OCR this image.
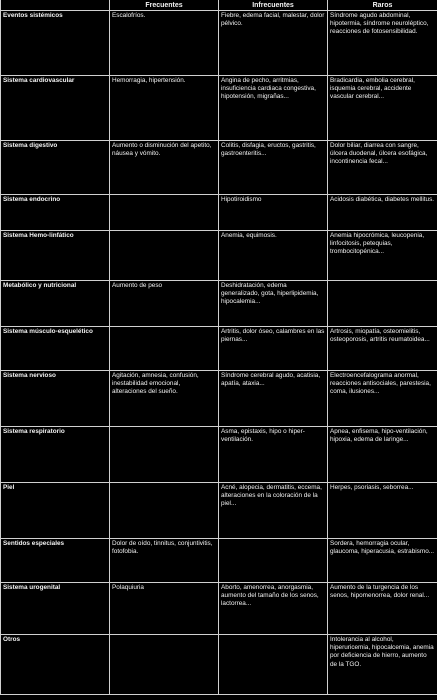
	Frecuentes	Infrecuentes	Raros
Eventos sistémicos	Escalofríos.	Fiebre, edema facial, malestar, dolor pélvico.	Síndrome agudo abdominal, hipotermia, síndrome neuroléptico, reacciones de fotosensibilidad.
Sistema cardiovascular	Hemorragia, hipertensión.	Angina de pecho, arritmias, insuficiencia cardiaca congestiva, hipotensión, migrañas...	Bradicardia, embolia cerebral, isquemia cerebral, accidente vascular cerebral...
Sistema digestivo	Aumento o disminución del apetito, náusea y vómito.	Colitis, disfagia, eructos, gastritis, gastroenteritis...	Dolor biliar, diarrea con sangre, úlcera duodenal, úlcera esofágica, incontinencia fecal...
Sistema endocrino		Hipotiroidismo	Acidosis diabética, diabetes mellitus.
Sistema Hemo-linfático		Anemia, equimosis.	Anemia hipocrómica, leucopenia, linfocitosis, petequias, trombocitopénica...
Metabólico y nutricional	Aumento de peso	Deshidratación, edema generalizado, gota, hiperlipidemia, hipocalemia...	
Sistema músculo-esquelético		Artritis, dolor óseo, calambres en las piernas...	Artrosis, miopatía, osteomielitis, osteoporosis, artritis reumatoidea...
Sistema nervioso	Agitación, amnesia, confusión, inestabilidad emocional, alteraciones del sueño.	Síndrome cerebral agudo, acatisia, apatía, ataxia...	Electroencefalograma anormal, reacciones antisociales, parestesia, coma, ilusiones...
Sistema respiratorio		Asma, epistaxis, hipo o hiper-ventilación.	Apnea, enfisema, hipo-ventilación, hipoxia, edema de laringe...
Piel		Acné, alopecia, dermatitis, eccema, alteraciones en la coloración de la piel...	Herpes, psoriasis, seborrea...
Sentidos especiales	Dolor de oído, tinnitus, conjuntivitis, fotofobia.		Sordera, hemorragia ocular, glaucoma, hiperacusia, estrabismo...
Sistema urogenital	Polaquiuria	Aborto, amenorrea, anorgasmia, aumento del tamaño de los senos, lactorrea...	Aumento de la turgencia de los senos, hipomenorrea, dolor renal...
Otros			Intolerancia al alcohol, hiperuricemia, hipocalcemia, anemia por deficiencia de hierro, aumento de la TGO.
